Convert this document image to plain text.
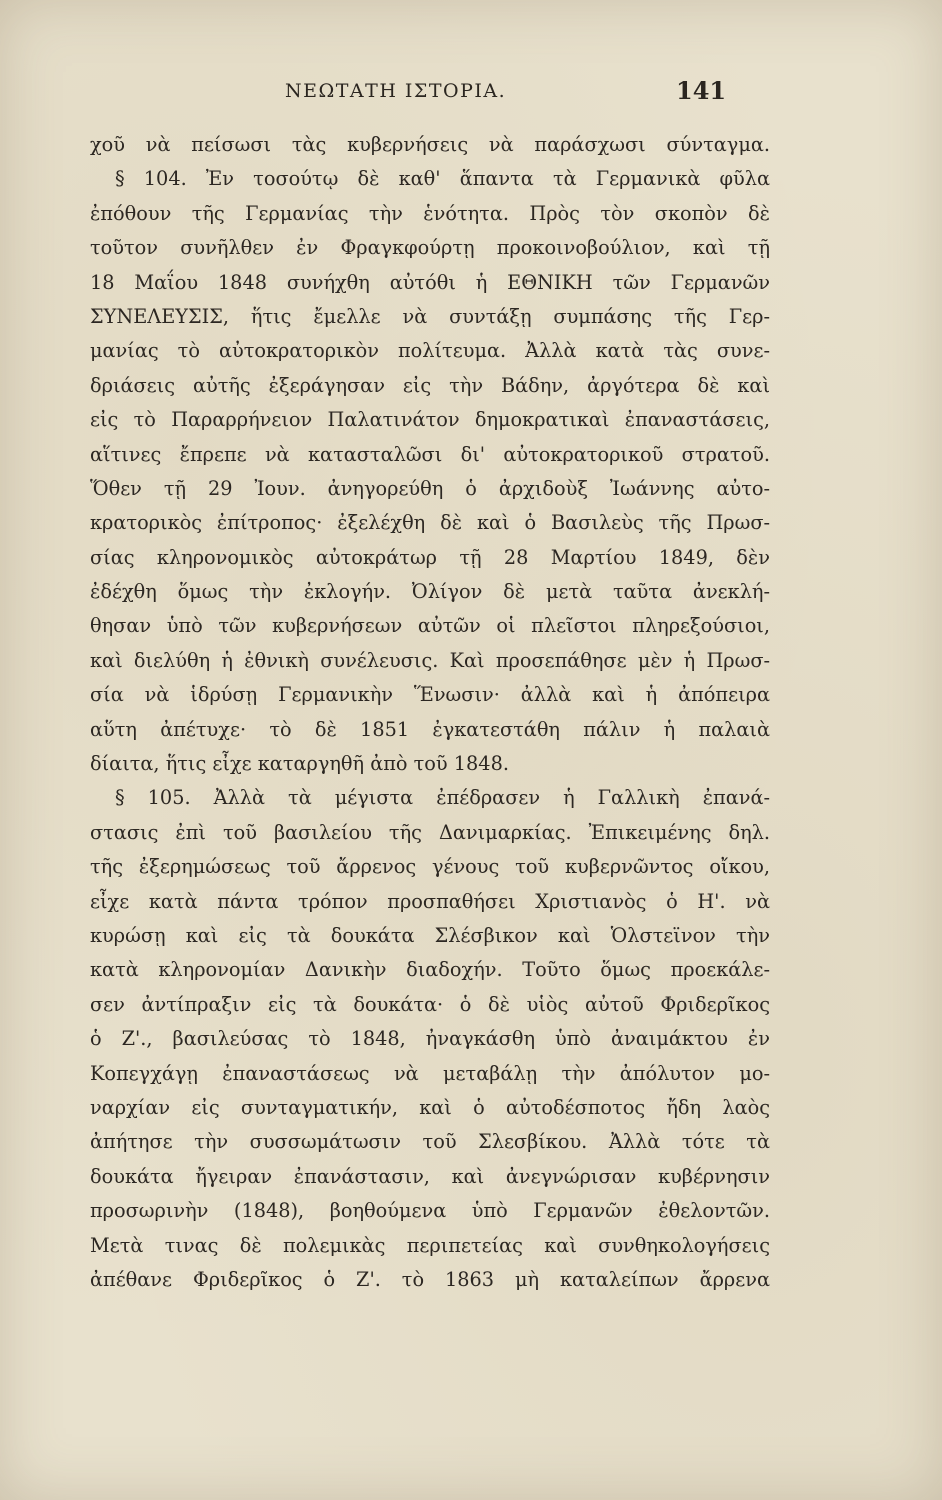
ΝΕΩΤΑΤΗ ΙΣΤΟΡΙΑ.	141
χοῦ νὰ πείσωσι τὰς κυβερνήσεις νὰ παράσχωσι σύνταγμα.
§ 104. Ἐν τοσούτῳ δὲ καθ' ἅπαντα τὰ Γερμανικὰ φῦλα
ἐπόθουν τῆς Γερμανίας τὴν ἑνότητα. Πρὸς τὸν σκοπὸν δὲ
τοῦτον συνῆλθεν ἐν Φραγκφούρτῃ προκοινοβούλιον, καὶ τῇ
18 Μαΐου 1848 συνήχθη αὐτόθι ἡ ΕΘΝΙΚΗ τῶν Γερμανῶν
ΣΥΝΕΛΕΥΣΙΣ, ἥτις ἔμελλε νὰ συντάξῃ συμπάσης τῆς Γερ-
μανίας τὸ αὐτοκρατορικὸν πολίτευμα. Ἀλλὰ κατὰ τὰς συνε-
δριάσεις αὐτῆς ἐξεράγησαν εἰς τὴν Βάδην, ἀργότερα δὲ καὶ
εἰς τὸ Παραρρήνειον Παλατινάτον δημοκρατικαὶ ἐπαναστάσεις,
αἵτινες ἔπρεπε νὰ κατασταλῶσι δι' αὐτοκρατορικοῦ στρατοῦ.
Ὅθεν τῇ 29 Ἰουν. ἀνηγορεύθη ὁ ἀρχιδοὺξ Ἰωάννης αὐτο-
κρατορικὸς ἐπίτροπος· ἐξελέχθη δὲ καὶ ὁ Βασιλεὺς τῆς Πρωσ-
σίας κληρονομικὸς αὐτοκράτωρ τῇ 28 Μαρτίου 1849, δὲν
ἐδέχθη ὅμως τὴν ἐκλογήν. Ὀλίγον δὲ μετὰ ταῦτα ἀνεκλή-
θησαν ὑπὸ τῶν κυβερνήσεων αὐτῶν οἱ πλεῖστοι πληρεξούσιοι,
καὶ διελύθη ἡ ἐθνικὴ συνέλευσις. Καὶ προσεπάθησε μὲν ἡ Πρωσ-
σία νὰ ἱδρύσῃ Γερμανικὴν Ἕνωσιν· ἀλλὰ καὶ ἡ ἀπόπειρα
αὕτη ἀπέτυχε· τὸ δὲ 1851 ἐγκατεστάθη πάλιν ἡ παλαιὰ
δίαιτα, ἥτις εἶχε καταργηθῆ ἀπὸ τοῦ 1848.
§ 105. Ἀλλὰ τὰ μέγιστα ἐπέδρασεν ἡ Γαλλικὴ ἐπανά-
στασις ἐπὶ τοῦ βασιλείου τῆς Δανιμαρκίας. Ἐπικειμένης δηλ.
τῆς ἐξερημώσεως τοῦ ἄρρενος γένους τοῦ κυβερνῶντος οἴκου,
εἶχε κατὰ πάντα τρόπον προσπαθήσει Χριστιανὸς ὁ Η'. νὰ
κυρώσῃ καὶ εἰς τὰ δουκάτα Σλέσβικον καὶ Ὁλστεϊνον τὴν
κατὰ κληρονομίαν Δανικὴν διαδοχήν. Τοῦτο ὅμως προεκάλε-
σεν ἀντίπραξιν εἰς τὰ δουκάτα· ὁ δὲ υἱὸς αὐτοῦ Φριδερῖκος
ὁ Ζ'., βασιλεύσας τὸ 1848, ἠναγκάσθη ὑπὸ ἀναιμάκτου ἐν
Κοπεγχάγῃ ἐπαναστάσεως νὰ μεταβάλῃ τὴν ἀπόλυτον μο-
ναρχίαν εἰς συνταγματικήν, καὶ ὁ αὐτοδέσποτος ἤδη λαὸς
ἀπήτησε τὴν συσσωμάτωσιν τοῦ Σλεσβίκου. Ἀλλὰ τότε τὰ
δουκάτα ἤγειραν ἐπανάστασιν, καὶ ἀνεγνώρισαν κυβέρνησιν
προσωρινὴν (1848), βοηθούμενα ὑπὸ Γερμανῶν ἐθελοντῶν.
Μετὰ τινας δὲ πολεμικὰς περιπετείας καὶ συνθηκολογήσεις
ἀπέθανε Φριδερῖκος ὁ Ζ'. τὸ 1863 μὴ καταλείπων ἄρρενα
